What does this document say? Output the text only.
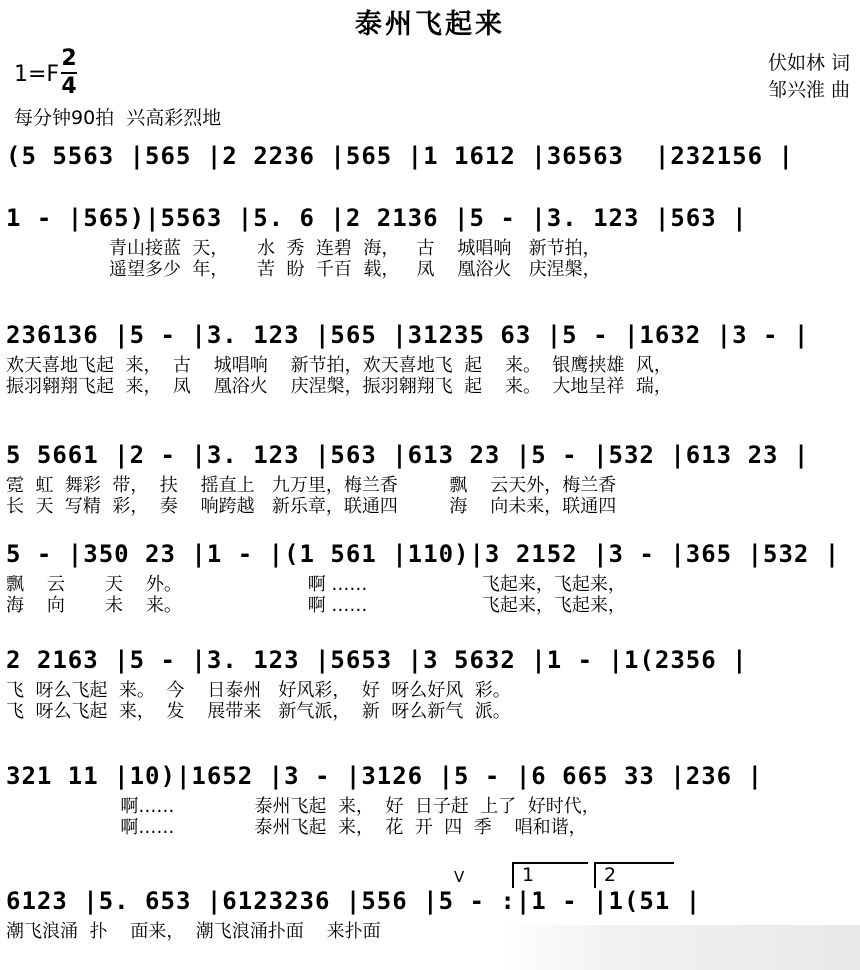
泰州飞起来
1=F
2
4
每分钟90拍  兴高彩烈地
伏如林 词
邹兴淮 曲
(5 5563 |565 |2 2236 |565 |1 1612 |36563  |232156 |
1 - |565)|5563 |5. 6 |2 2136 |5 - |3. 123 |563 |
青山接蓝  天，     水  秀  连碧  海，   古    城唱响   新节拍，
遥望多少  年，     苦  盼  千百  载，   凤    凰浴火   庆涅槃，
236136 |5 - |3. 123 |565 |31235 63 |5 - |1632 |3 - |
欢天喜地飞起  来，  古    城唱响    新节拍，欢天喜地飞  起    来。  银鹰挟雄  风，
振羽翱翔飞起  来，  凤    凰浴火    庆涅槃，振羽翱翔飞  起    来。  大地呈祥  瑞，
5 5661 |2 - |3. 123 |563 |613 23 |5 - |532 |613 23 |
霓  虹  舞彩  带，  扶    摇直上   九万里，梅兰香         飘    云天外，梅兰香
长  天  写精  彩，  奏    响跨越   新乐章，联通四         海    向未来，联通四
5 - |350 23 |1 - |(1 561 |110)|3 2152 |3 - |365 |532 |
飘    云       天    外。                      啊 ……                    飞起来，飞起来，
海    向       未    来。                      啊 ……                    飞起来，飞起来，
2 2163 |5 - |3. 123 |5653 |3 5632 |1 - |1(2356 |
飞  呀么飞起  来。  今    日泰州   好风彩，  好  呀么好风  彩。
飞  呀么飞起  来，  发    展带来   新气派，  新  呀么新气  派。
321 11 |10)|1652 |3 - |3126 |5 - |6 665 33 |236 |
啊……              泰州飞起  来，  好  日子赶  上了  好时代，
啊……              泰州飞起  来，  花  开  四  季    唱和谐，
6123 |5. 653 |6123236 |556 |5 - :|1 - |1(51 |
潮飞浪涌  扑    面来，  潮飞浪涌扑面    来扑面
1	2
V
